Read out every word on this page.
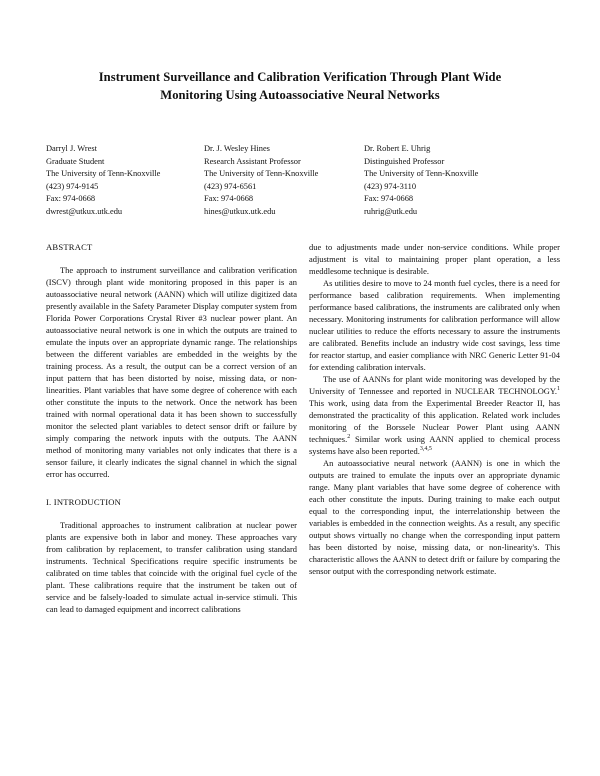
Instrument Surveillance and Calibration Verification Through Plant Wide Monitoring Using Autoassociative Neural Networks
Darryl J. Wrest
Graduate Student
The University of Tenn-Knoxville
(423) 974-9145
Fax: 974-0668
dwrest@utkux.utk.edu
Dr. J. Wesley Hines
Research Assistant Professor
The University of Tenn-Knoxville
(423) 974-6561
Fax: 974-0668
hines@utkux.utk.edu
Dr. Robert E. Uhrig
Distinguished Professor
The University of Tenn-Knoxville
(423) 974-3110
Fax: 974-0668
ruhrig@utk.edu
ABSTRACT

The approach to instrument surveillance and calibration verification (ISCV) through plant wide monitoring proposed in this paper is an autoassociative neural network (AANN) which will utilize digitized data presently available in the Safety Parameter Display computer system from Florida Power Corporations Crystal River #3 nuclear power plant. An autoassociative neural network is one in which the outputs are trained to emulate the inputs over an appropriate dynamic range. The relationships between the different variables are embedded in the weights by the training process. As a result, the output can be a correct version of an input pattern that has been distorted by noise, missing data, or non-linearities. Plant variables that have some degree of coherence with each other constitute the inputs to the network. Once the network has been trained with normal operational data it has been shown to successfully monitor the selected plant variables to detect sensor drift or failure by simply comparing the network inputs with the outputs. The AANN method of monitoring many variables not only indicates that there is a sensor failure, it clearly indicates the signal channel in which the signal error has occurred.

I. INTRODUCTION

Traditional approaches to instrument calibration at nuclear power plants are expensive both in labor and money. These approaches vary from calibration by replacement, to transfer calibration using standard instruments. Technical Specifications require specific instruments be calibrated on time tables that coincide with the original fuel cycle of the plant. These calibrations require that the instrument be taken out of service and be falsely-loaded to simulate actual in-service stimuli. This can lead to damaged equipment and incorrect calibrations

due to adjustments made under non-service conditions. While proper adjustment is vital to maintaining proper plant operation, a less meddlesome technique is desirable.

As utilities desire to move to 24 month fuel cycles, there is a need for performance based calibration requirements. When implementing performance based calibrations, the instruments are calibrated only when necessary. Monitoring instruments for calibration performance will allow nuclear utilities to reduce the efforts necessary to assure the instruments are calibrated. Benefits include an industry wide cost savings, less time for reactor startup, and easier compliance with NRC Generic Letter 91-04 for extending calibration intervals.

The use of AANNs for plant wide monitoring was developed by the University of Tennessee and reported in NUCLEAR TECHNOLOGY.$^1$ This work, using data from the Experimental Breeder Reactor II, has demonstrated the practicality of this application. Related work includes monitoring of the Borssele Nuclear Power Plant using AANN techniques.$^2$ Similar work using AANN applied to chemical process systems have also been reported.$^{3,4,5}$

An autoassociative neural network (AANN) is one in which the outputs are trained to emulate the inputs over an appropriate dynamic range. Many plant variables that have some degree of coherence with each other constitute the inputs. During training to make each output equal to the corresponding input, the interrelationship between the variables is embedded in the connection weights. As a result, any specific output shows virtually no change when the corresponding input pattern has been distorted by noise, missing data, or non-linearity's. This characteristic allows the AANN to detect drift or failure by comparing the sensor output with the corresponding network estimate.
